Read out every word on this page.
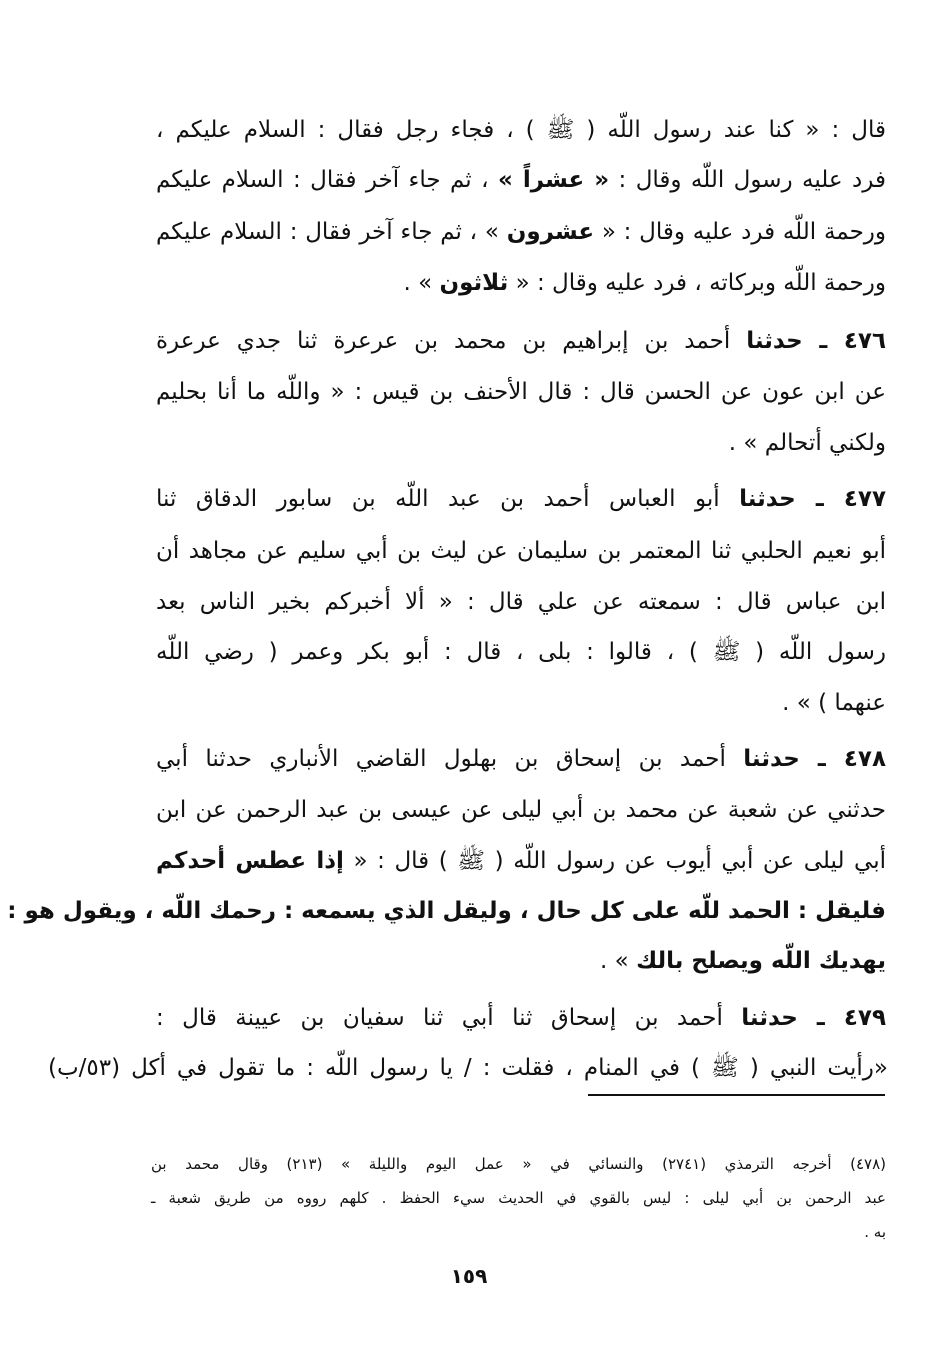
قال : « كنا عند رسول اللّه ( ﷺ ) ، فجاء رجل فقال : السلام عليكم ،
فرد عليه رسول اللّه وقال : « عشراً » ، ثم جاء آخر فقال : السلام عليكم
ورحمة اللّه فرد عليه وقال : « عشرون » ، ثم جاء آخر فقال : السلام عليكم
ورحمة اللّه وبركاته ، فرد عليه وقال : « ثلاثون » .
٤٧٦ ـ حدثنا أحمد بن إبراهيم بن محمد بن عرعرة ثنا جدي عرعرة
عن ابن عون عن الحسن قال : قال الأحنف بن قيس : « واللّه ما أنا بحليم
ولكني أتحالم » .
٤٧٧ ـ حدثنا أبو العباس أحمد بن عبد اللّه بن سابور الدقاق ثنا
أبو نعيم الحلبي ثنا المعتمر بن سليمان عن ليث بن أبي سليم عن مجاهد أن
ابن عباس قال : سمعته عن علي قال : « ألا أخبركم بخير الناس بعد
رسول اللّه ( ﷺ ) ، قالوا : بلى ، قال : أبو بكر وعمر ( رضي اللّه
عنهما ) » .
٤٧٨ ـ حدثنا أحمد بن إسحاق بن بهلول القاضي الأنباري حدثنا أبي
حدثني عن شعبة عن محمد بن أبي ليلى عن عيسى بن عبد الرحمن عن ابن
أبي ليلى عن أبي أيوب عن رسول اللّه ( ﷺ ) قال : « إذا عطس أحدكم
فليقل : الحمد للّه على كل حال ، وليقل الذي يسمعه : رحمك اللّه ، ويقول هو :
يهديك اللّه ويصلح بالك » .
٤٧٩ ـ حدثنا أحمد بن إسحاق ثنا أبي ثنا سفيان بن عيينة قال :
«رأيت النبي ( ﷺ ) في المنام ، فقلت : / يا رسول اللّه : ما تقول في أكل (٥٣/ب)
(٤٧٨) أخرجه الترمذي (٢٧٤١) والنسائي في « عمل اليوم والليلة » (٢١٣) وقال محمد بن
عبد الرحمن بن أبي ليلى : ليس بالقوي في الحديث سيء الحفظ . كلهم رووه من طريق شعبة ـ
به .
١٥٩
